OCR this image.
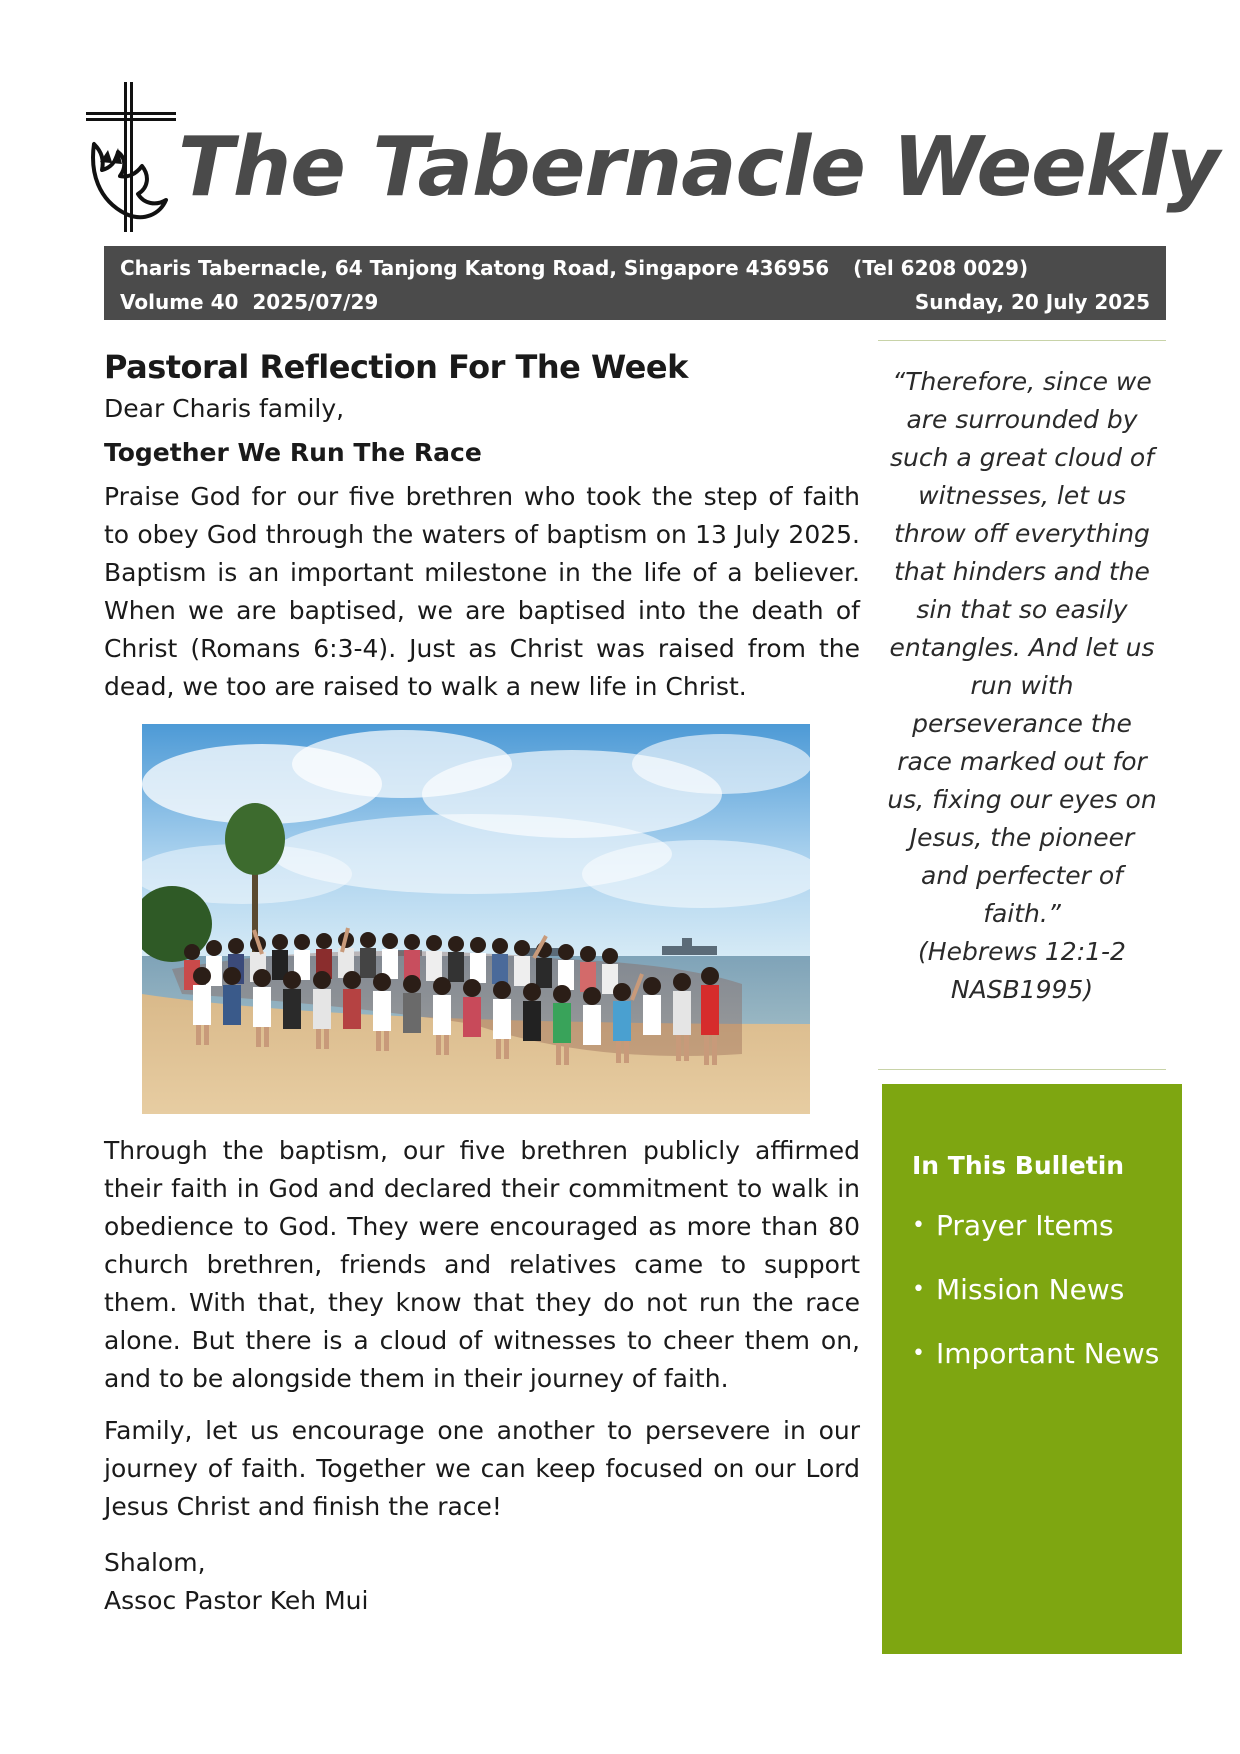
The Tabernacle Weekly
Charis Tabernacle, 64 Tanjong Katong Road, Singapore 436956 (Tel 6208 0029)
Volume 40  2025/07/29	Sunday, 20 July 2025
Pastoral Reflection For The Week

Dear Charis family,

Together We Run The Race

Praise God for our five brethren who took the step of faith to obey God through the waters of baptism on 13 July 2025. Baptism is an important milestone in the life of a believer. When we are baptised, we are baptised into the death of Christ (Romans 6:3-4). Just as Christ was raised from the dead, we too are raised to walk a new life in Christ.

Through the baptism, our five brethren publicly affirmed their faith in God and declared their commitment to walk in obedience to God. They were encouraged as more than 80 church brethren, friends and relatives came to support them. With that, they know that they do not run the race alone. But there is a cloud of witnesses to cheer them on, and to be alongside them in their journey of faith.

Family, let us encourage one another to persevere in our journey of faith. Together we can keep focused on our Lord Jesus Christ and finish the race!

Shalom,
Assoc Pastor Keh Mui

“Therefore, since we are surrounded by such a great cloud of witnesses, let us throw off everything that hinders and the sin that so easily entangles. And let us run with perseverance the race marked out for us, fixing our eyes on Jesus, the pioneer and perfecter of faith.”

(Hebrews 12:1-2 NASB1995)

In This Bulletin

• Prayer Items
• Mission News
• Important News
